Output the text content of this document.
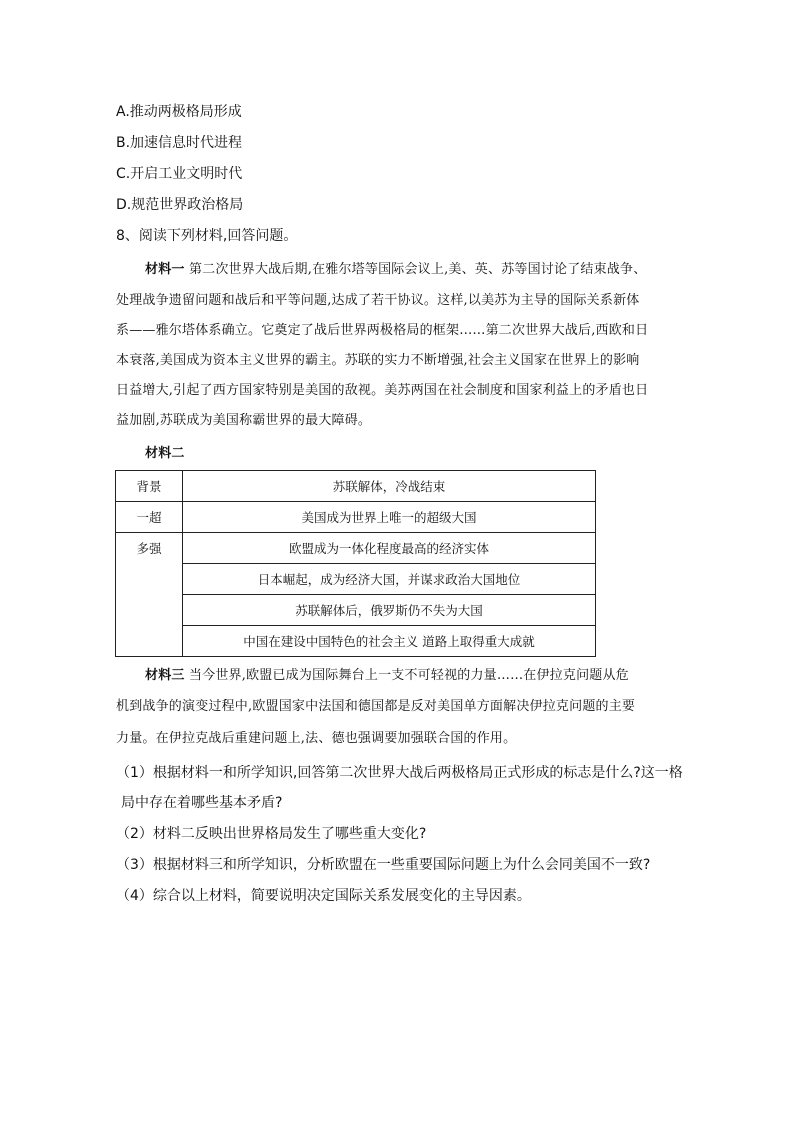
A.推动两极格局形成
B.加速信息时代进程
C.开启工业文明时代
D.规范世界政治格局
8、阅读下列材料,回答问题。
材料一 第二次世界大战后期,在雅尔塔等国际会议上,美、英、苏等国讨论了结束战争、
处理战争遗留问题和战后和平等问题,达成了若干协议。这样,以美苏为主导的国际关系新体
系——雅尔塔体系确立。它奠定了战后世界两极格局的框架……第二次世界大战后,西欧和日
本衰落,美国成为资本主义世界的霸主。苏联的实力不断增强,社会主义国家在世界上的影响
日益增大,引起了西方国家特别是美国的敌视。美苏两国在社会制度和国家利益上的矛盾也日
益加剧,苏联成为美国称霸世界的最大障碍。
材料二
背景	苏联解体，冷战结束
一超	美国成为世界上唯一的超级大国
多强	欧盟成为一体化程度最高的经济实体
	日本崛起，成为经济大国，并谋求政治大国地位
	苏联解体后，俄罗斯仍不失为大国
	中国在建设中国特色的社会主义 道路上取得重大成就
材料三 当今世界,欧盟已成为国际舞台上一支不可轻视的力量……在伊拉克问题从危
机到战争的演变过程中,欧盟国家中法国和德国都是反对美国单方面解决伊拉克问题的主要
力量。在伊拉克战后重建问题上,法、德也强调要加强联合国的作用。
（1）根据材料一和所学知识,回答第二次世界大战后两极格局正式形成的标志是什么?这一格
局中存在着哪些基本矛盾?
（2）材料二反映出世界格局发生了哪些重大变化?
（3）根据材料三和所学知识，分析欧盟在一些重要国际问题上为什么会同美国不一致?
（4）综合以上材料，简要说明决定国际关系发展变化的主导因素。
